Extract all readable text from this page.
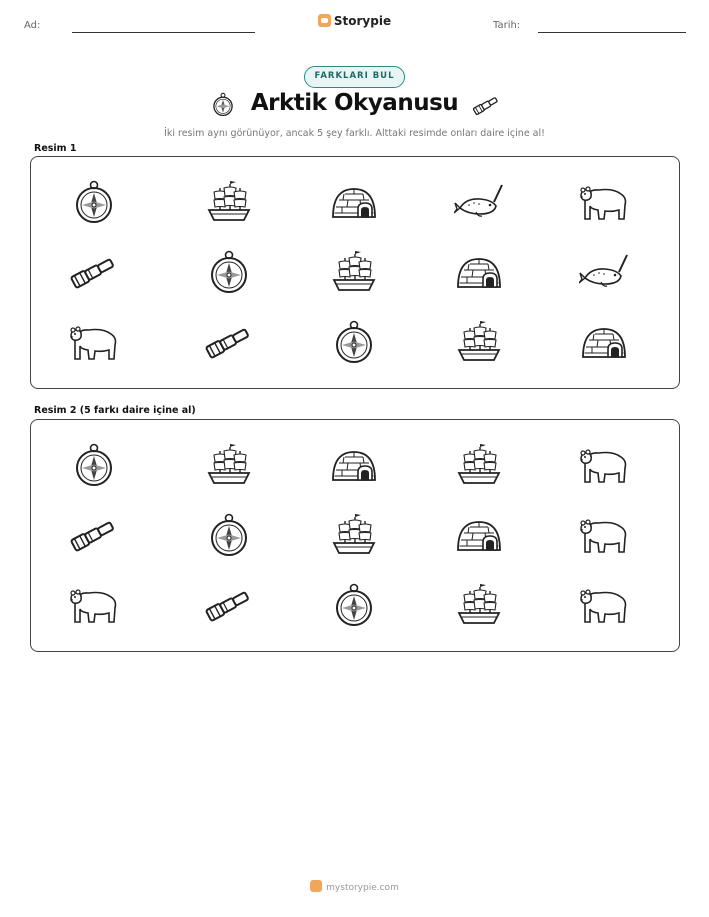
Ad:	Storypie	Tarih:
FARKLARI BUL
Arktik Okyanusu
İki resim aynı görünüyor, ancak 5 şey farklı. Alttaki resimde onları daire içine al!
Resim 1
Resim 2 (5 farkı daire içine al)
mystorypie.com
